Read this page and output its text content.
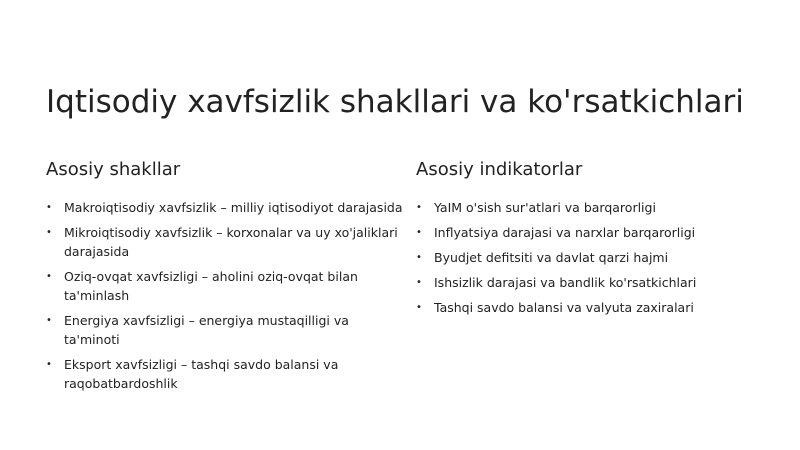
Iqtisodiy xavfsizlik shakllari va ko'rsatkichlari
Asosiy shakllar
• Makroiqtisodiy xavfsizlik – milliy iqtisodiyot darajasida
• Mikroiqtisodiy xavfsizlik – korxonalar va uy xo'jaliklari darajasida
• Oziq-ovqat xavfsizligi – aholini oziq-ovqat bilan ta'minlash
• Energiya xavfsizligi – energiya mustaqilligi va ta'minoti
• Eksport xavfsizligi – tashqi savdo balansi va raqobatbardoshlik
Asosiy indikatorlar
• YaIM o'sish sur'atlari va barqarorligi
• Inflyatsiya darajasi va narxlar barqarorligi
• Byudjet defitsiti va davlat qarzi hajmi
• Ishsizlik darajasi va bandlik ko'rsatkichlari
• Tashqi savdo balansi va valyuta zaxiralari
